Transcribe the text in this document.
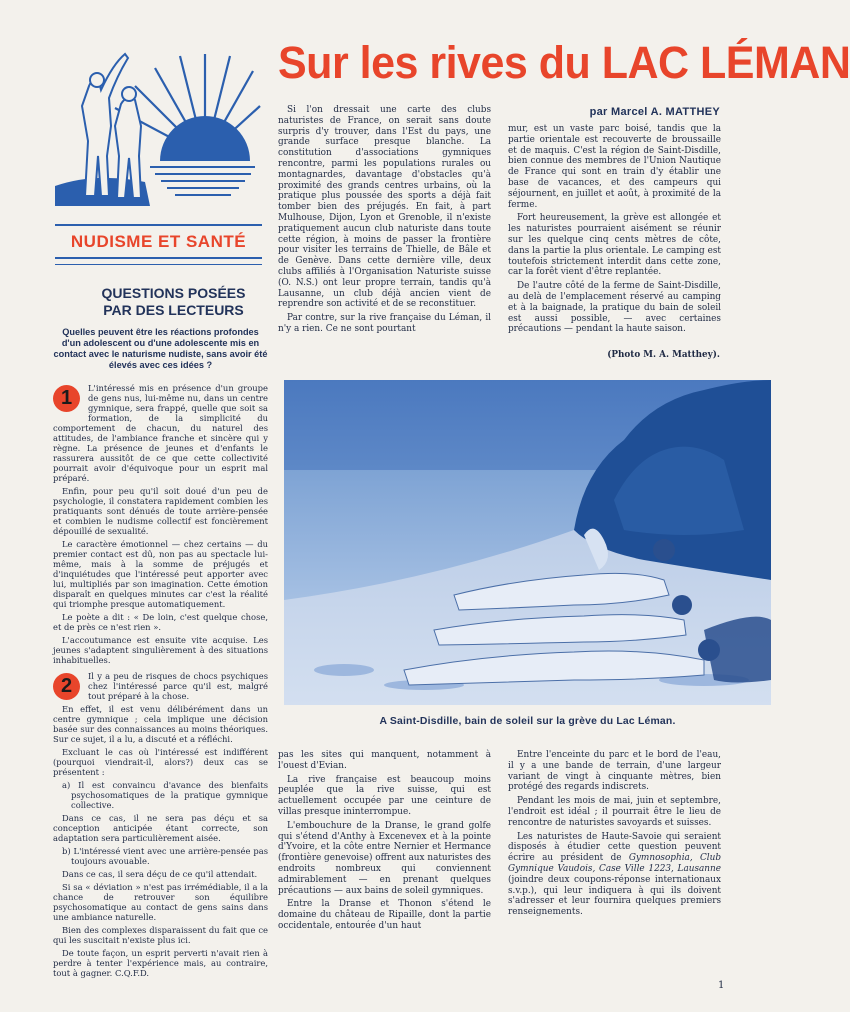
Sur les rives du LAC LÉMAN
par Marcel A. MATTHEY
NUDISME ET SANTÉ
QUESTIONS POSÉES
PAR DES LECTEURS
Quelles peuvent être les réactions profondes d'un adolescent ou d'une adolescente mis en contact avec le naturisme nudiste, sans avoir été élevés avec ces idées ?

1	L'intéressé mis en présence d'un groupe de gens nus, lui-même nu, dans un centre gymnique, sera frappé, quelle que soit sa formation, de la simplicité du comportement de chacun, du naturel des attitudes, de l'ambiance franche et sincère qui y règne. La présence de jeunes et d'enfants le rassurera aussitôt de ce que cette collectivité pourrait avoir d'équivoque pour un esprit mal préparé.

Enfin, pour peu qu'il soit doué d'un peu de psychologie, il constatera rapidement combien les pratiquants sont dénués de toute arrière-pensée et combien le nudisme collectif est foncièrement dépouillé de sexualité.

Le caractère émotionnel — chez certains — du premier contact est dû, non pas au spectacle lui-même, mais à la somme de préjugés et d'inquiétudes que l'intéressé peut apporter avec lui, multipliés par son imagination. Cette émotion disparaît en quelques minutes car c'est la réalité qui triomphe presque automatiquement.

Le poète a dit : « De loin, c'est quelque chose, et de près ce n'est rien ».

L'accoutumance est ensuite vite acquise. Les jeunes s'adaptent singulièrement à des situations inhabituelles.

2	Il y a peu de risques de chocs psychiques chez l'intéressé parce qu'il est, malgré tout préparé à la chose.

En effet, il est venu délibérément dans un centre gymnique ; cela implique une décision basée sur des connaissances au moins théoriques. Sur ce sujet, il a lu, a discuté et a réfléchi.

Excluant le cas où l'intéressé est indifférent (pourquoi viendrait-il, alors?) deux cas se présentent :

a) Il est convaincu d'avance des bienfaits psychosomatiques de la pratique gymnique collective.

Dans ce cas, il ne sera pas déçu et sa conception anticipée étant correcte, son adaptation sera particulièrement aisée.

b) L'intéressé vient avec une arrière-pensée pas toujours avouable.

Dans ce cas, il sera déçu de ce qu'il attendait.

Si sa « déviation » n'est pas irrémédiable, il a la chance de retrouver son équilibre psychosomatique au contact de gens sains dans une ambiance naturelle.

Bien des complexes disparaissent du fait que ce qui les suscitait n'existe plus ici.

De toute façon, un esprit perverti n'avait rien à perdre à tenter l'expérience mais, au contraire, tout à gagner. C.Q.F.D.

Si l'on dressait une carte des clubs naturistes de France, on serait sans doute surpris d'y trouver, dans l'Est du pays, une grande surface presque blanche. La constitution d'associations gymniques rencontre, parmi les populations rurales ou montagnardes, davantage d'obstacles qu'à proximité des grands centres urbains, où la pratique plus poussée des sports a déjà fait tomber bien des préjugés. En fait, à part Mulhouse, Dijon, Lyon et Grenoble, il n'existe pratiquement aucun club naturiste dans toute cette région, à moins de passer la frontière pour visiter les terrains de Thielle, de Bâle et de Genève. Dans cette dernière ville, deux clubs affiliés à l'Organisation Naturiste suisse (O. N.S.) ont leur propre terrain, tandis qu'à Lausanne, un club déjà ancien vient de reprendre son activité et de se reconstituer.

Par contre, sur la rive française du Léman, il n'y a rien. Ce ne sont pourtant

mur, est un vaste parc boisé, tandis que la partie orientale est recouverte de broussaille et de maquis. C'est la région de Saint-Disdille, bien connue des membres de l'Union Nautique de France qui sont en train d'y établir une base de vacances, et des campeurs qui séjournent, en juillet et août, à proximité de la ferme.

Fort heureusement, la grève est allongée et les naturistes pourraient aisément se réunir sur les quelque cinq cents mètres de côte, dans la partie la plus orientale. Le camping est toutefois strictement interdit dans cette zone, car la forêt vient d'être replantée.

De l'autre côté de la ferme de Saint-Disdille, au delà de l'emplacement réservé au camping et à la baignade, la pratique du bain de soleil est aussi possible, — avec certaines précautions — pendant la haute saison.

(Photo M. A. Matthey).
A Saint-Disdille, bain de soleil sur la grève du Lac Léman.

pas les sites qui manquent, notamment à l'ouest d'Evian.

La rive française est beaucoup moins peuplée que la rive suisse, qui est actuellement occupée par une ceinture de villas presque ininterrompue.

L'embouchure de la Dranse, le grand golfe qui s'étend d'Anthy à Excenevex et à la pointe d'Yvoire, et la côte entre Nernier et Hermance (frontière genevoise) offrent aux naturistes des endroits nombreux qui conviennent admirablement — en prenant quelques précautions — aux bains de soleil gymniques.

Entre la Dranse et Thonon s'étend le domaine du château de Ripaille, dont la partie occidentale, entourée d'un haut

Entre l'enceinte du parc et le bord de l'eau, il y a une bande de terrain, d'une largeur variant de vingt à cinquante mètres, bien protégé des regards indiscrets.

Pendant les mois de mai, juin et septembre, l'endroit est idéal ; il pourrait être le lieu de rencontre de naturistes savoyards et suisses.

Les naturistes de Haute-Savoie qui seraient disposés à étudier cette question peuvent écrire au président de Gymnosophia, Club Gymnique Vaudois, Case Ville 1223, Lausanne (joindre deux coupons-réponse internationaux s.v.p.), qui leur indiquera à qui ils doivent s'adresser et leur fournira quelques premiers renseignements.

1
